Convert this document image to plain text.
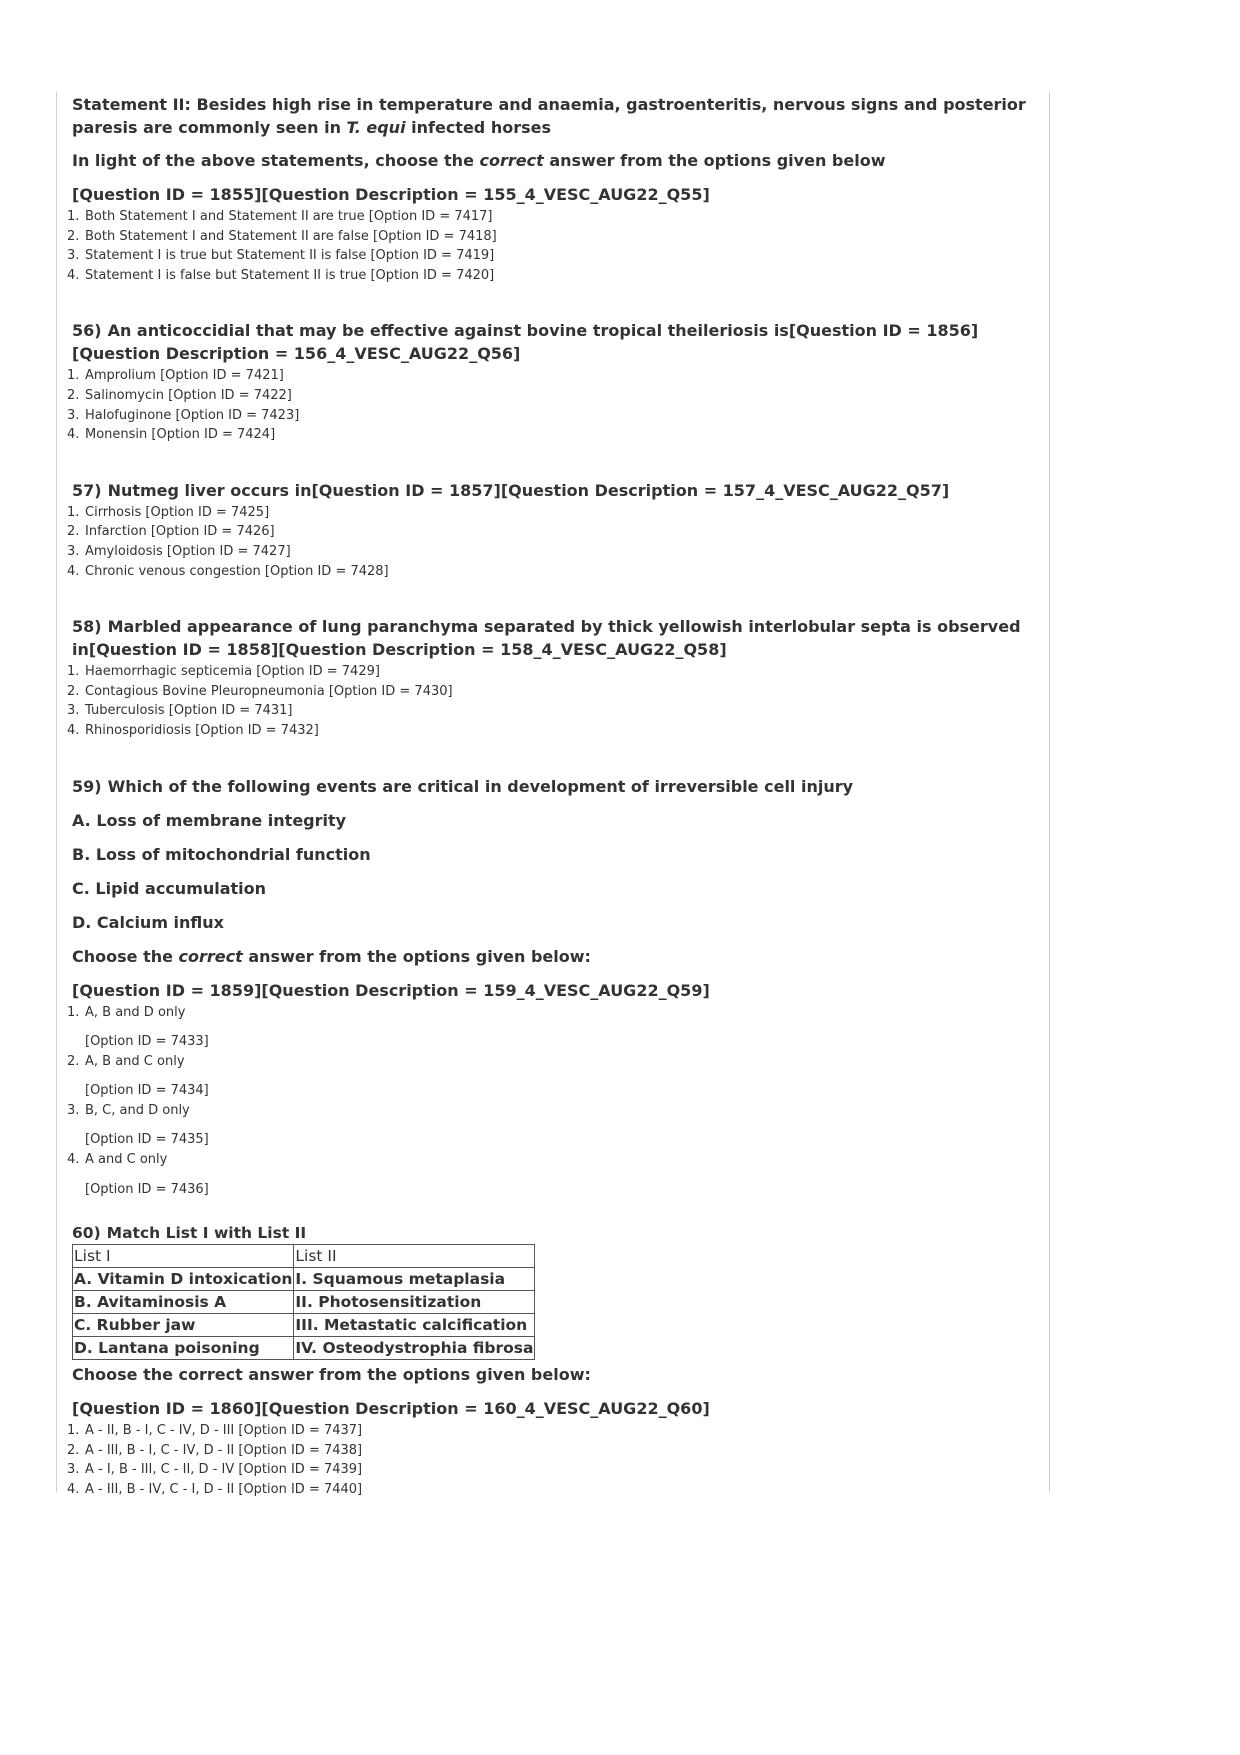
Statement II: Besides high rise in temperature and anaemia, gastroenteritis, nervous signs and posterior paresis are commonly seen in T. equi infected horses

In light of the above statements, choose the correct answer from the options given below

[Question ID = 1855][Question Description = 155_4_VESC_AUG22_Q55]

1. Both Statement I and Statement II are true [Option ID = 7417]
2. Both Statement I and Statement II are false [Option ID = 7418]
3. Statement I is true but Statement II is false [Option ID = 7419]
4. Statement I is false but Statement II is true [Option ID = 7420]

56) An anticoccidial that may be effective against bovine tropical theileriosis is[Question ID = 1856][Question Description = 156_4_VESC_AUG22_Q56]

1. Amprolium [Option ID = 7421]
2. Salinomycin [Option ID = 7422]
3. Halofuginone [Option ID = 7423]
4. Monensin [Option ID = 7424]

57) Nutmeg liver occurs in[Question ID = 1857][Question Description = 157_4_VESC_AUG22_Q57]

1. Cirrhosis [Option ID = 7425]
2. Infarction [Option ID = 7426]
3. Amyloidosis [Option ID = 7427]
4. Chronic venous congestion [Option ID = 7428]

58) Marbled appearance of lung paranchyma separated by thick yellowish interlobular septa is observed in[Question ID = 1858][Question Description = 158_4_VESC_AUG22_Q58]

1. Haemorrhagic septicemia [Option ID = 7429]
2. Contagious Bovine Pleuropneumonia [Option ID = 7430]
3. Tuberculosis [Option ID = 7431]
4. Rhinosporidiosis [Option ID = 7432]

59) Which of the following events are critical in development of irreversible cell injury

A. Loss of membrane integrity

B. Loss of mitochondrial function

C. Lipid accumulation

D. Calcium influx

Choose the correct answer from the options given below:

[Question ID = 1859][Question Description = 159_4_VESC_AUG22_Q59]

1. A, B and D only
[Option ID = 7433]
2. A, B and C only
[Option ID = 7434]
3. B, C, and D only
[Option ID = 7435]
4. A and C only
[Option ID = 7436]

60) Match List I with List II

List I	List II
A. Vitamin D intoxication	I. Squamous metaplasia
B. Avitaminosis A	II. Photosensitization
C. Rubber jaw	III. Metastatic calcification
D. Lantana poisoning	IV. Osteodystrophia fibrosa

Choose the correct answer from the options given below:

[Question ID = 1860][Question Description = 160_4_VESC_AUG22_Q60]

1. A - II, B - I, C - IV, D - III [Option ID = 7437]
2. A - III, B - I, C - IV, D - II [Option ID = 7438]
3. A - I, B - III, C - II, D - IV [Option ID = 7439]
4. A - III, B - IV, C - I, D - II [Option ID = 7440]
